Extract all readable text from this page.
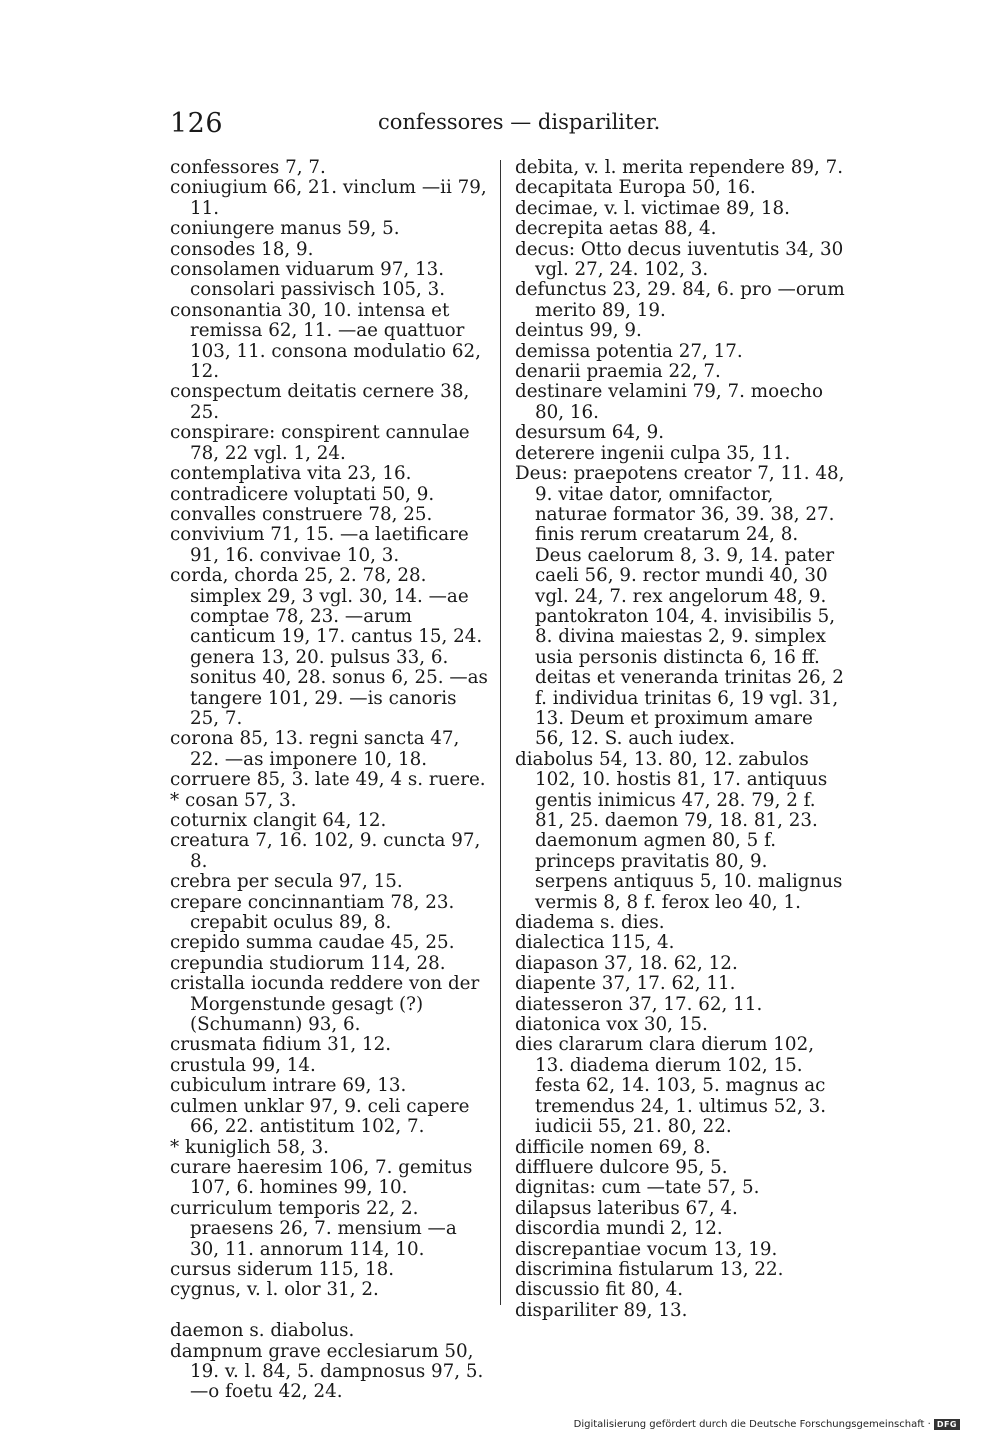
126	confessores — dispariliter.
confessores 7, 7.
coniugium 66, 21. vinclum —ii 79, 11.
coniungere manus 59, 5.
consodes 18, 9.
consolamen viduarum 97, 13. consolari passivisch 105, 3.
consonantia 30, 10. intensa et remissa 62, 11. —ae quattuor 103, 11. consona modulatio 62, 12.
conspectum deitatis cernere 38, 25.
conspirare: conspirent cannulae 78, 22 vgl. 1, 24.
contemplativa vita 23, 16.
contradicere voluptati 50, 9.
convalles construere 78, 25.
convivium 71, 15. —a laetificare 91, 16. convivae 10, 3.
corda, chorda 25, 2. 78, 28. simplex 29, 3 vgl. 30, 14. —ae comptae 78, 23. —arum canticum 19, 17. cantus 15, 24. genera 13, 20. pulsus 33, 6. sonitus 40, 28. sonus 6, 25. —as tangere 101, 29. —is canoris 25, 7.
corona 85, 13. regni sancta 47, 22. —as imponere 10, 18.
corruere 85, 3. late 49, 4 s. ruere.
* cosan 57, 3.
coturnix clangit 64, 12.
creatura 7, 16. 102, 9. cuncta 97, 8.
crebra per secula 97, 15.
crepare concinnantiam 78, 23. crepabit oculus 89, 8.
crepido summa caudae 45, 25.
crepundia studiorum 114, 28.
cristalla iocunda reddere von der Morgenstunde gesagt (?) (Schumann) 93, 6.
crusmata fidium 31, 12.
crustula 99, 14.
cubiculum intrare 69, 13.
culmen unklar 97, 9. celi capere 66, 22. antistitum 102, 7.
* kuniglich 58, 3.
curare haeresim 106, 7. gemitus 107, 6. homines 99, 10.
curriculum temporis 22, 2. praesens 26, 7. mensium —a 30, 11. annorum 114, 10.
cursus siderum 115, 18.
cygnus, v. l. olor 31, 2.
daemon s. diabolus.
dampnum grave ecclesiarum 50, 19. v. l. 84, 5. dampnosus 97, 5. —o foetu 42, 24.
debita, v. l. merita rependere 89, 7.
decapitata Europa 50, 16.
decimae, v. l. victimae 89, 18.
decrepita aetas 88, 4.
decus: Otto decus iuventutis 34, 30 vgl. 27, 24. 102, 3.
defunctus 23, 29. 84, 6. pro —orum merito 89, 19.
deintus 99, 9.
demissa potentia 27, 17.
denarii praemia 22, 7.
destinare velamini 79, 7. moecho 80, 16.
desursum 64, 9.
deterere ingenii culpa 35, 11.
Deus: praepotens creator 7, 11. 48, 9. vitae dator, omnifactor, naturae formator 36, 39. 38, 27. finis rerum creatarum 24, 8. Deus caelorum 8, 3. 9, 14. pater caeli 56, 9. rector mundi 40, 30 vgl. 24, 7. rex angelorum 48, 9. pantokraton 104, 4. invisibilis 5, 8. divina maiestas 2, 9. simplex usia personis distincta 6, 16 ff. deitas et veneranda trinitas 26, 2 f. individua trinitas 6, 19 vgl. 31, 13. Deum et proximum amare 56, 12. S. auch iudex.
diabolus 54, 13. 80, 12. zabulos 102, 10. hostis 81, 17. antiquus gentis inimicus 47, 28. 79, 2 f. 81, 25. daemon 79, 18. 81, 23. daemonum agmen 80, 5 f. princeps pravitatis 80, 9. serpens antiquus 5, 10. malignus vermis 8, 8 f. ferox leo 40, 1.
diadema s. dies.
dialectica 115, 4.
diapason 37, 18. 62, 12.
diapente 37, 17. 62, 11.
diatesseron 37, 17. 62, 11.
diatonica vox 30, 15.
dies clararum clara dierum 102, 13. diadema dierum 102, 15. festa 62, 14. 103, 5. magnus ac tremendus 24, 1. ultimus 52, 3. iudicii 55, 21. 80, 22.
difficile nomen 69, 8.
diffluere dulcore 95, 5.
dignitas: cum —tate 57, 5.
dilapsus lateribus 67, 4.
discordia mundi 2, 12.
discrepantiae vocum 13, 19.
discrimina fistularum 13, 22.
discussio fit 80, 4.
dispariliter 89, 13.
Digitalisierung gefördert durch die Deutsche Forschungsgemeinschaft · DFG
